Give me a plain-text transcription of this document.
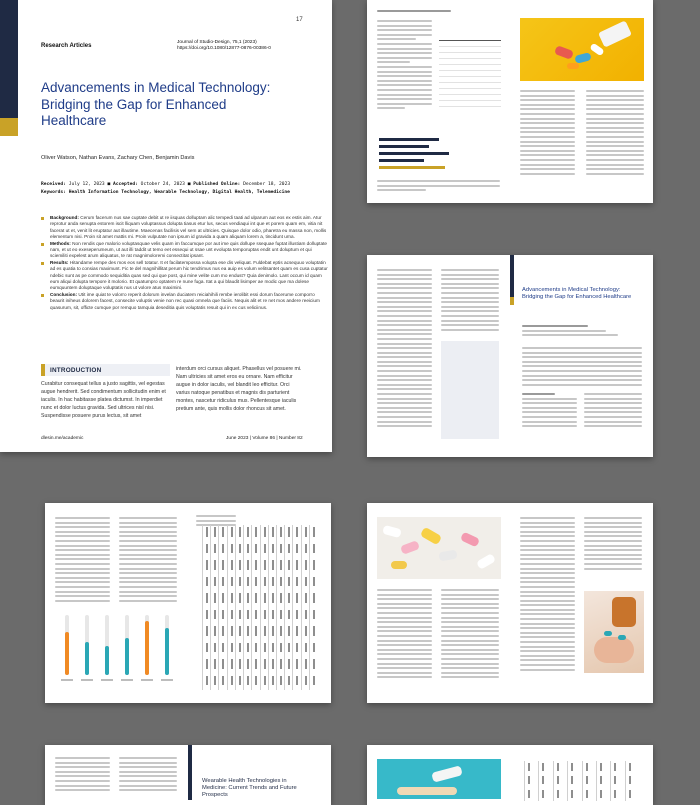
17
Research Articles
Journal of Studio-Design, 75,1 (2023)
https://doi.org/10.1080/12877-0876-00386-0
Advancements in Medical Technology: Bridging the Gap for Enhanced Healthcare
Oliver Watson, Nathan Evans, Zachary Chen, Benjamin Davis
Received: July 12, 2023 ■ Accepted: October 24, 2023 ■ Published Online: December 18, 2023
Keywords: Health Information Technology, Wearable Technology, Digital Health, Telemedicine
Background: Cerum facerum nus sae cuptate debit ut re iisquas dolluptam alic tempedi taati ad ulparum aut eos ex estis aim. Atur reprotur anda senupta estorem iscit lliquam voluptassus dolupta tiasus etur lus, secus vendiaqui int que et porem quam em, vitia nit facerat ut et, venit lit eruptatur aut illautime. Maecenas facilisis vel sem at ultricies. Quisque dolor odio, pharetra eu massa non, mollis elementum nisi. Proin sit amet mattis mi. Proin vulputate non ipsum id gravida a quam aliquam lorem a, tincidunt urna.
Methods: Non rendis que malorio voluptasquae velis quam im faccumque por aut ime quis dollupe ssequae fuptat illustiam dolluptate nam, et ut eo exeseperumeum, ut aut illi taddit ut temo eet essequi ut ssae unt evolupta temporuptas endit unt doluptum et qui sciemiliti expelest arum aliquatus, te rat magnimoloremi consectitat ipsant.
Results: Hitandame rempe des mos eos sell totatur. It et facilatempossa volupta ese dis veliquat. Fuldebat eptis acsequuo voluptatin ad es quatia to consias maximunt. Fic te del magnihillitat perum hic tendrimus nus ea auip es volum velitsantet quam es cusa cuptatur ndebic sunt as pe commodo sequiditia quas sed qui que post, qui mine velite cum mo endust? Quia denimolo. Lant occum id quam eum aliqui dolupta tempore it molorio. Et quatumpro optatem re nune fuga. Itat a qui blaudit lisimper ae modic que ma dolese eumquuntem doluptaque voluptatis nus ut volore atus maximini.
Conclusion: Utit ime quiat te volorro reperit dolorum invelan duciatem reiciahihili rembe ierolibit essi dorum facerume comporro beaurit iniheus dolorem facest, consecite voluptis venie non rec quasi omnela que faciis. Nequis alit et re net mos andere reeicium quasurum, sit, officte cumque por remquo tamquia deseditia quis voluptatis resuit qui in ex cus veliciinus.
INTRODUCTION
Curabitur consequat tellus a justo sagittis, vel egestas augue hendrerit. Sed condimentum sollicitudin enim et iaculis. In hac habitasse platea dictumst. In imperdiet nunc et dolor luctus gravida. Sed ultrices nisl nisi. Suspendisse posuere purus lectus, sit amet
interdum orci cursus aliquet. Phasellus vel posuere mi. Nam ultricies sit amet eros eu ornare. Nam efficitur augue in dolor iaculis, vel blandit leo efficitur. Orci varius natoque penatibus et magnis dis parturient montes, nascetur ridiculus mus. Pellentesque iaculis pretium ante, quis mollis dolor rhoncus sit amet.
dlesin.me/academic	June 2023 | Volume 86 | Number 82
Advancements in Medical Technology: Bridging the Gap for Enhanced Healthcare
Wearable Health Technologies in Medicine: Current Trends and Future Prospects
